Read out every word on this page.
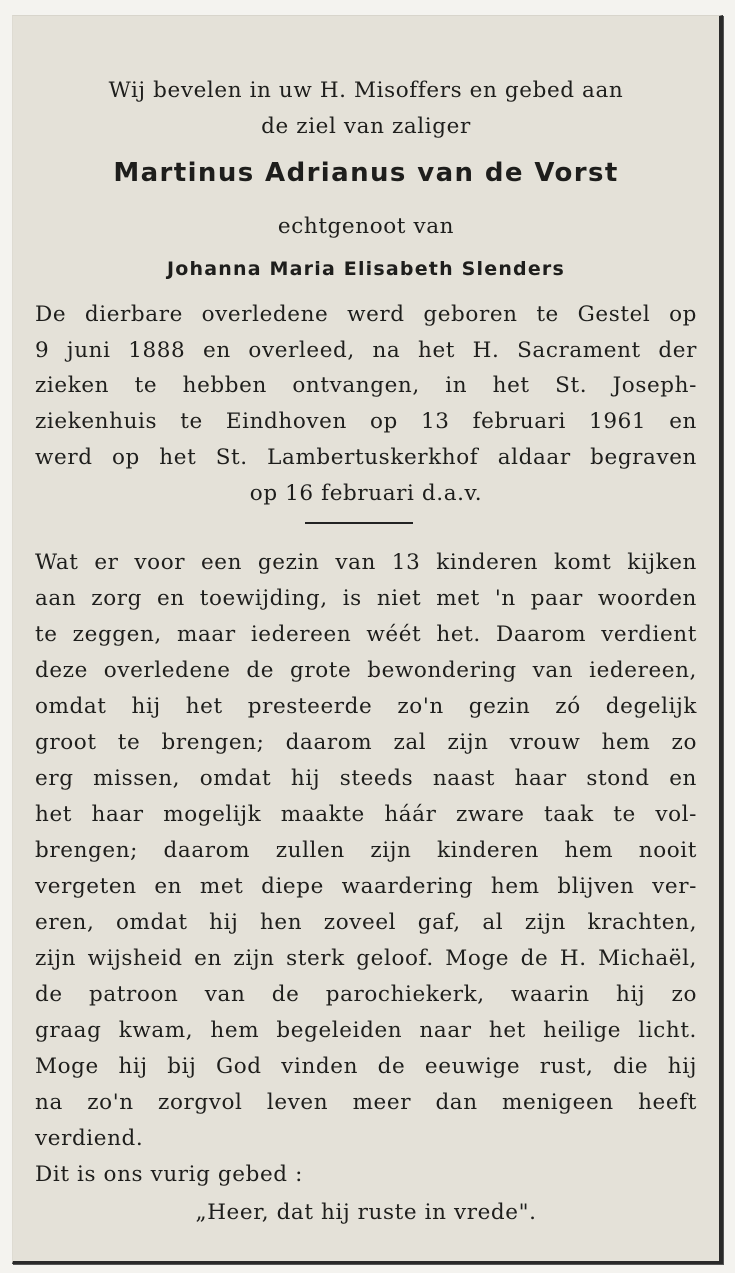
Wij bevelen in uw H. Misoffers en gebed aan
de ziel van zaliger
Martinus Adrianus van de Vorst
echtgenoot van
Johanna Maria Elisabeth Slenders
De dierbare overledene werd geboren te Gestel op
9 juni 1888 en overleed, na het H. Sacrament der
zieken te hebben ontvangen, in het St. Joseph-
ziekenhuis te Eindhoven op 13 februari 1961 en
werd op het St. Lambertuskerkhof aldaar begraven
op 16 februari d.a.v.
Wat er voor een gezin van 13 kinderen komt kijken
aan zorg en toewijding, is niet met 'n paar woorden
te zeggen, maar iedereen wéét het. Daarom verdient
deze overledene de grote bewondering van iedereen,
omdat hij het presteerde zo'n gezin zó degelijk
groot te brengen; daarom zal zijn vrouw hem zo
erg missen, omdat hij steeds naast haar stond en
het haar mogelijk maakte háár zware taak te vol-
brengen; daarom zullen zijn kinderen hem nooit
vergeten en met diepe waardering hem blijven ver-
eren, omdat hij hen zoveel gaf, al zijn krachten,
zijn wijsheid en zijn sterk geloof. Moge de H. Michaël,
de patroon van de parochiekerk, waarin hij zo
graag kwam, hem begeleiden naar het heilige licht.
Moge hij bij God vinden de eeuwige rust, die hij
na zo'n zorgvol leven meer dan menigeen heeft
verdiend.
Dit is ons vurig gebed :
„Heer, dat hij ruste in vrede".
